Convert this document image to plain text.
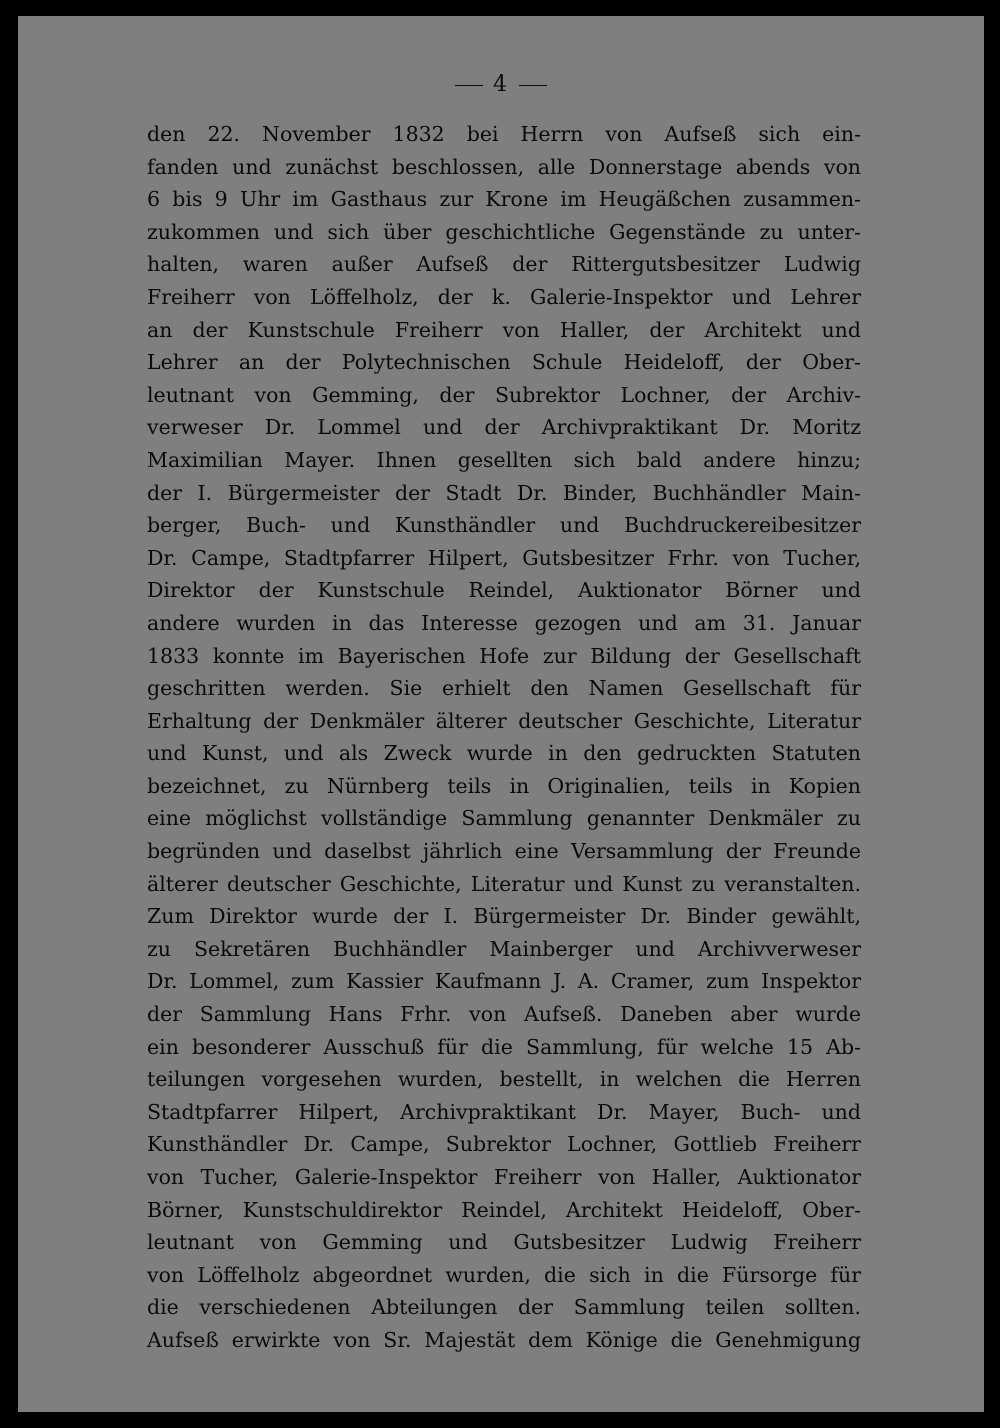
4
den 22. November 1832 bei Herrn von Aufseß sich ein-
fanden und zunächst beschlossen, alle Donnerstage abends von
6 bis 9 Uhr im Gasthaus zur Krone im Heugäßchen zusammen-
zukommen und sich über geschichtliche Gegenstände zu unter-
halten, waren außer Aufseß der Rittergutsbesitzer Ludwig
Freiherr von Löffelholz, der k. Galerie-Inspektor und Lehrer
an der Kunstschule Freiherr von Haller, der Architekt und
Lehrer an der Polytechnischen Schule Heideloff, der Ober-
leutnant von Gemming, der Subrektor Lochner, der Archiv-
verweser Dr. Lommel und der Archivpraktikant Dr. Moritz
Maximilian Mayer. Ihnen gesellten sich bald andere hinzu;
der I. Bürgermeister der Stadt Dr. Binder, Buchhändler Main-
berger, Buch- und Kunsthändler und Buchdruckereibesitzer
Dr. Campe, Stadtpfarrer Hilpert, Gutsbesitzer Frhr. von Tucher,
Direktor der Kunstschule Reindel, Auktionator Börner und
andere wurden in das Interesse gezogen und am 31. Januar
1833 konnte im Bayerischen Hofe zur Bildung der Gesellschaft
geschritten werden. Sie erhielt den Namen Gesellschaft für
Erhaltung der Denkmäler älterer deutscher Geschichte, Literatur
und Kunst, und als Zweck wurde in den gedruckten Statuten
bezeichnet, zu Nürnberg teils in Originalien, teils in Kopien
eine möglichst vollständige Sammlung genannter Denkmäler zu
begründen und daselbst jährlich eine Versammlung der Freunde
älterer deutscher Geschichte, Literatur und Kunst zu veranstalten.
Zum Direktor wurde der I. Bürgermeister Dr. Binder gewählt,
zu Sekretären Buchhändler Mainberger und Archivverweser
Dr. Lommel, zum Kassier Kaufmann J. A. Cramer, zum Inspektor
der Sammlung Hans Frhr. von Aufseß. Daneben aber wurde
ein besonderer Ausschuß für die Sammlung, für welche 15 Ab-
teilungen vorgesehen wurden, bestellt, in welchen die Herren
Stadtpfarrer Hilpert, Archivpraktikant Dr. Mayer, Buch- und
Kunsthändler Dr. Campe, Subrektor Lochner, Gottlieb Freiherr
von Tucher, Galerie-Inspektor Freiherr von Haller, Auktionator
Börner, Kunstschuldirektor Reindel, Architekt Heideloff, Ober-
leutnant von Gemming und Gutsbesitzer Ludwig Freiherr
von Löffelholz abgeordnet wurden, die sich in die Fürsorge für
die verschiedenen Abteilungen der Sammlung teilen sollten.
Aufseß erwirkte von Sr. Majestät dem Könige die Genehmigung
